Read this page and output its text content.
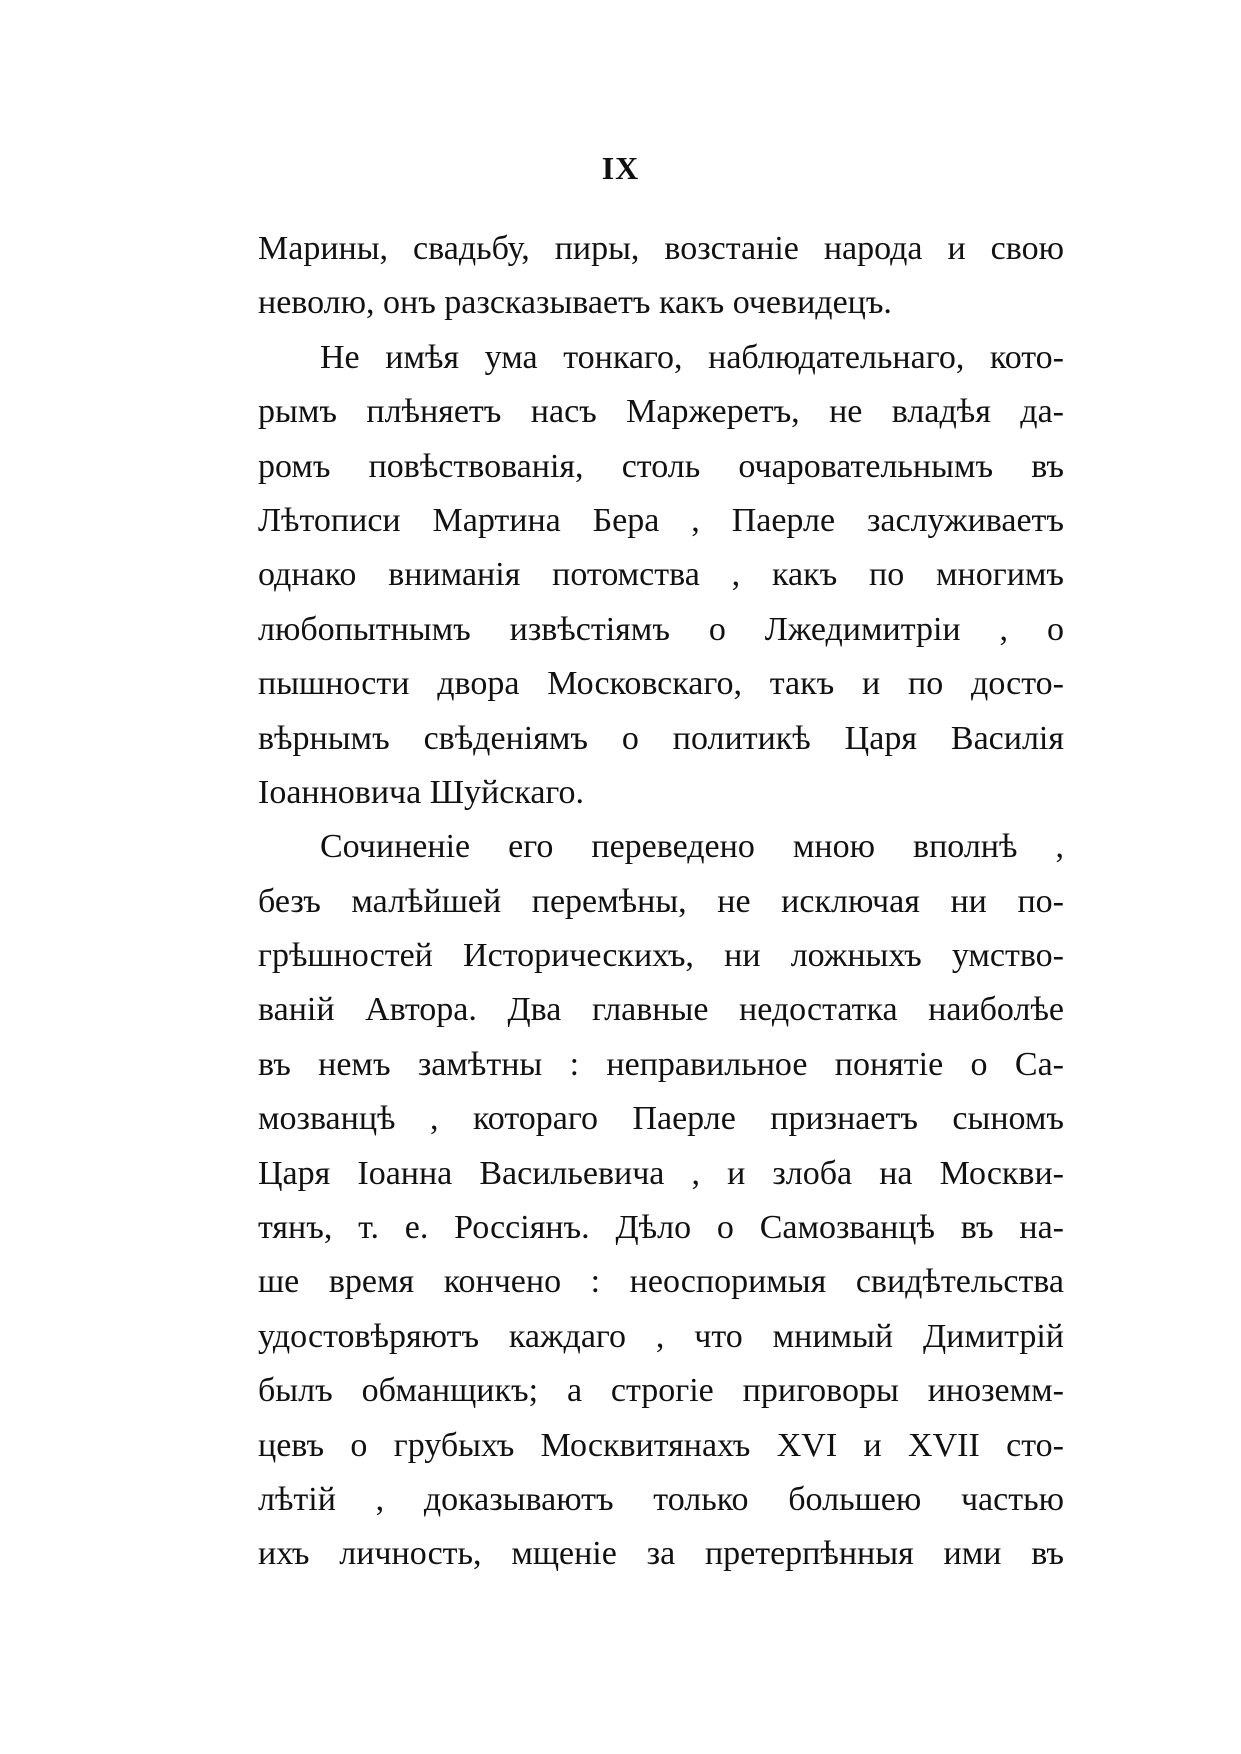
IX
Марины, свадьбу, пиры, возстаніе народа и свою
неволю, онъ разсказываетъ какъ очевидецъ.
Не имѣя ума тонкаго, наблюдательнаго, кото-
рымъ плѣняетъ насъ Маржеретъ, не владѣя да-
ромъ повѣствованія, столь очаровательнымъ въ
Лѣтописи Мартина Бера , Паерле заслуживаетъ
однако вниманія потомства , какъ по многимъ
любопытнымъ извѣстіямъ о Лжедимитріи , о
пышности двора Московскаго, такъ и по досто-
вѣрнымъ свѣденіямъ о политикѣ Царя Василія
Іоанновича Шуйскаго.
Сочиненіе его переведено мною вполнѣ ,
безъ малѣйшей перемѣны, не исключая ни по-
грѣшностей Историческихъ, ни ложныхъ умство-
ваній Автора. Два главные недостатка наиболѣе
въ немъ замѣтны : неправильное понятіе о Са-
мозванцѣ , котораго Паерле признаетъ сыномъ
Царя Іоанна Васильевича , и злоба на Москви-
тянъ, т. е. Россіянъ. Дѣло о Самозванцѣ въ на-
ше время кончено : неоспоримыя свидѣтельства
удостовѣряютъ каждаго , что мнимый Димитрій
былъ обманщикъ; а строгіе приговоры иноземм-
цевъ о грубыхъ Москвитянахъ XVI и XVII сто-
лѣтій , доказываютъ только большею частью
ихъ личность, мщеніе за претерпѣнныя ими въ
